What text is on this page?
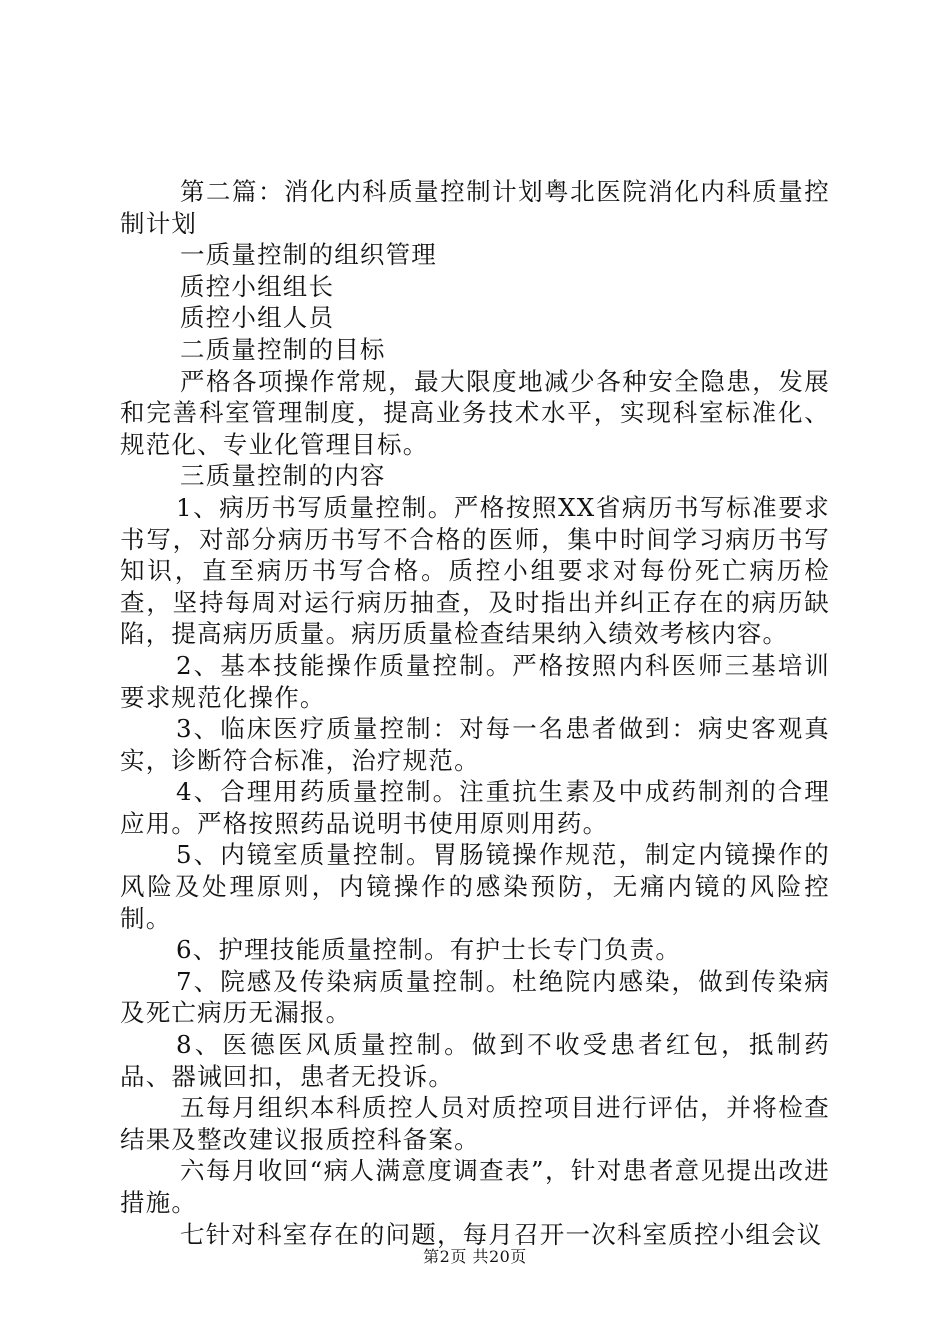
第二篇：消化内科质量控制计划粤北医院消化内科质量控制计划

一质量控制的组织管理

质控小组组长

质控小组人员

二质量控制的目标

严格各项操作常规，最大限度地减少各种安全隐患，发展和完善科室管理制度，提高业务技术水平，实现科室标准化、规范化、专业化管理目标。

三质量控制的内容

1、病历书写质量控制。严格按照XX省病历书写标准要求书写，对部分病历书写不合格的医师，集中时间学习病历书写知识，直至病历书写合格。质控小组要求对每份死亡病历检查，坚持每周对运行病历抽查，及时指出并纠正存在的病历缺陷，提高病历质量。病历质量检查结果纳入绩效考核内容。

2、基本技能操作质量控制。严格按照内科医师三基培训要求规范化操作。

3、临床医疗质量控制：对每一名患者做到：病史客观真实，诊断符合标准，治疗规范。

4、合理用药质量控制。注重抗生素及中成药制剂的合理应用。严格按照药品说明书使用原则用药。

5、内镜室质量控制。胃肠镜操作规范，制定内镜操作的风险及处理原则，内镜操作的感染预防，无痛内镜的风险控制。

6、护理技能质量控制。有护士长专门负责。

7、院感及传染病质量控制。杜绝院内感染，做到传染病及死亡病历无漏报。

8、医德医风质量控制。做到不收受患者红包，抵制药品、器诫回扣，患者无投诉。

五每月组织本科质控人员对质控项目进行评估，并将检查结果及整改建议报质控科备案。

六每月收回“病人满意度调查表”，针对患者意见提出改进措施。

七针对科室存在的问题，每月召开一次科室质控小组会议

第2页 共20页
